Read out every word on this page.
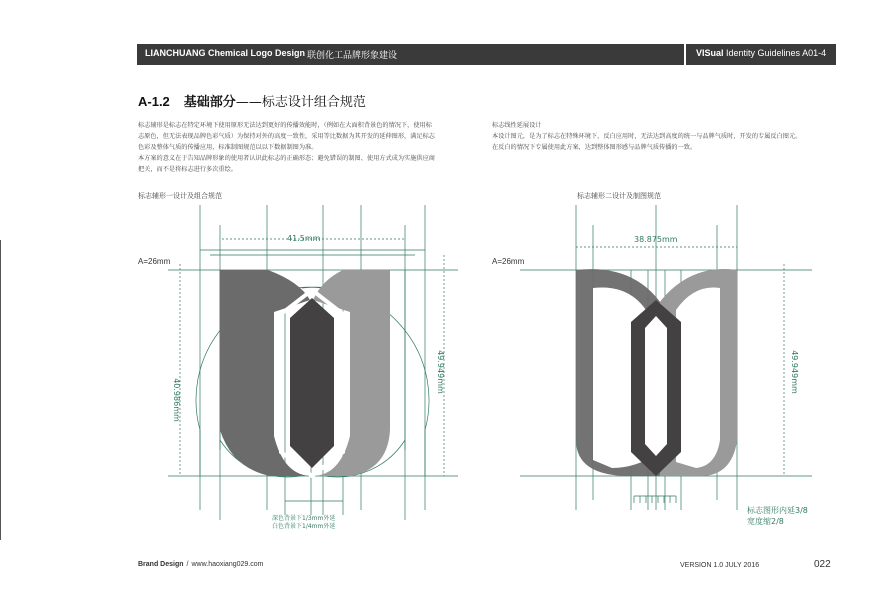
LIANCHUANG Chemical Logo Design 联创化工品牌形象建设	VISual Identity Guidelines A01-4
A-1.2 基础部分——标志设计组合规范

标志辅形是标志在特定环境下使用原形无法达到更好的传播效能时，（例如在大面积背景色的情况下，使用标

志原色，但无法表现品牌色彩气质）为保持对外的高度一致性，采用等比数据为其开发的延伸图形，满足标志

色彩及整体气质的传播应用，标准制图规范以以下数据制图为准。

本方案的意义在于告知品牌形象的使用者认识此标志的正确形态；避免错误的制图、使用方式成为实施供应商

把关，而不是将标志进行多次重绘。

标志线性延展设计

本设计图元，是为了标志在特殊环境下，反白应用时，无法达到高度的统一与品牌气质时，开发的专属反白图元。

在反白的情况下专属使用此方案，达到整体图形感与品牌气质传播的一致。

标志辅形一设计及组合规范	标志辅形二设计及制图规范
A=26mm	A=26mm
41.5mm
40.986mm
49.949mm
38.875mm
49.949mm
深色背景下1/3mm外延
白色背景下1/4mm外延
标志图形内延3/8
宽度缩2/8
Brand Design / www.haoxiang029.com	VERSION 1.0 JULY 2016	022
